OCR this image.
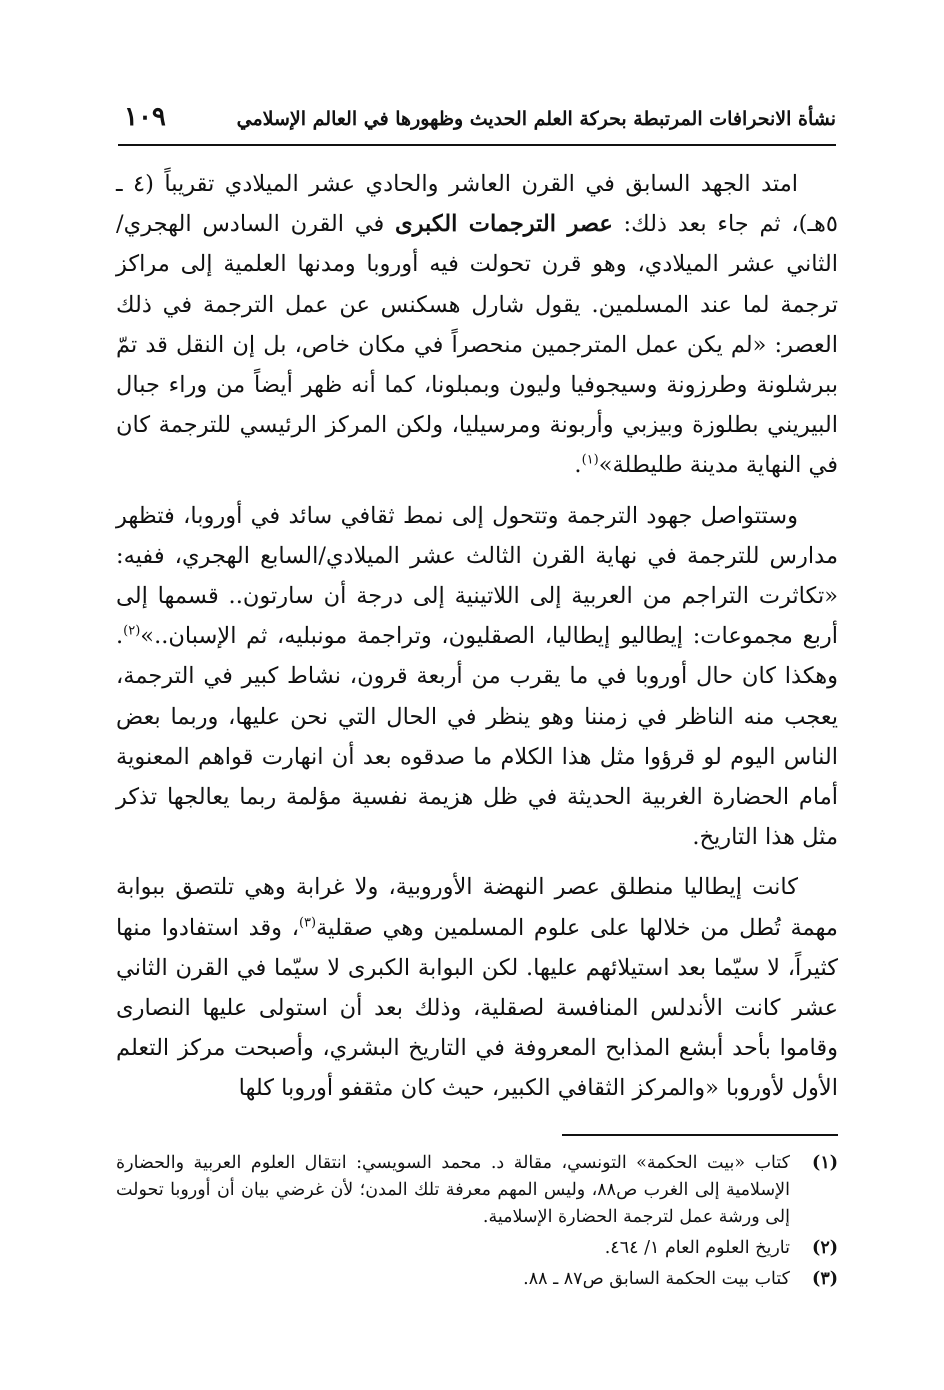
نشأة الانحرافات المرتبطة بحركة العلم الحديث وظهورها في العالم الإسلامي
١٠٩

امتد الجهد السابق في القرن العاشر والحادي عشر الميلادي تقريباً (٤ ـ ٥هـ)، ثم جاء بعد ذلك: عصر الترجمات الكبرى في القرن السادس الهجري/ الثاني عشر الميلادي، وهو قرن تحولت فيه أوروبا ومدنها العلمية إلى مراكز ترجمة لما عند المسلمين. يقول شارل هسكنس عن عمل الترجمة في ذلك العصر: «لم يكن عمل المترجمين منحصراً في مكان خاص، بل إن النقل قد تمّ ببرشلونة وطرزونة وسيجوفيا وليون وبمبلونا، كما أنه ظهر أيضاً من وراء جبال البيريني بطلوزة وبيزبي وأربونة ومرسيليا، ولكن المركز الرئيسي للترجمة كان في النهاية مدينة طليطلة»$^{(١)}$.

وستتواصل جهود الترجمة وتتحول إلى نمط ثقافي سائد في أوروبا، فتظهر مدارس للترجمة في نهاية القرن الثالث عشر الميلادي/السابع الهجري، ففيه: «تكاثرت التراجم من العربية إلى اللاتينية إلى درجة أن سارتون.. قسمها إلى أربع مجموعات: إيطاليو إيطاليا، الصقليون، وتراجمة مونبليه، ثم الإسبان..»$^{(٢)}$. وهكذا كان حال أوروبا في ما يقرب من أربعة قرون، نشاط كبير في الترجمة، يعجب منه الناظر في زمننا وهو ينظر في الحال التي نحن عليها، وربما بعض الناس اليوم لو قرؤوا مثل هذا الكلام ما صدقوه بعد أن انهارت قواهم المعنوية أمام الحضارة الغربية الحديثة في ظل هزيمة نفسية مؤلمة ربما يعالجها تذكر مثل هذا التاريخ.

كانت إيطاليا منطلق عصر النهضة الأوروبية، ولا غرابة وهي تلتصق ببوابة مهمة تُطل من خلالها على علوم المسلمين وهي صقلية$^{(٣)}$، وقد استفادوا منها كثيراً، لا سيّما بعد استيلائهم عليها. لكن البوابة الكبرى لا سيّما في القرن الثاني عشر كانت الأندلس المنافسة لصقلية، وذلك بعد أن استولى عليها النصارى وقاموا بأحد أبشع المذابح المعروفة في التاريخ البشري، وأصبحت مركز التعلم الأول لأوروبا «والمركز الثقافي الكبير، حيث كان مثقفو أوروبا كلها

(١)
كتاب «بيت الحكمة» التونسي، مقالة د. محمد السويسي: انتقال العلوم العربية والحضارة الإسلامية إلى الغرب ص٨٨، وليس المهم معرفة تلك المدن؛ لأن غرضي بيان أن أوروبا تحولت إلى ورشة عمل لترجمة الحضارة الإسلامية.
(٢)
تاريخ العلوم العام ١/ ٤٦٤.
(٣)
كتاب بيت الحكمة السابق ص٨٧ ـ ٨٨.
